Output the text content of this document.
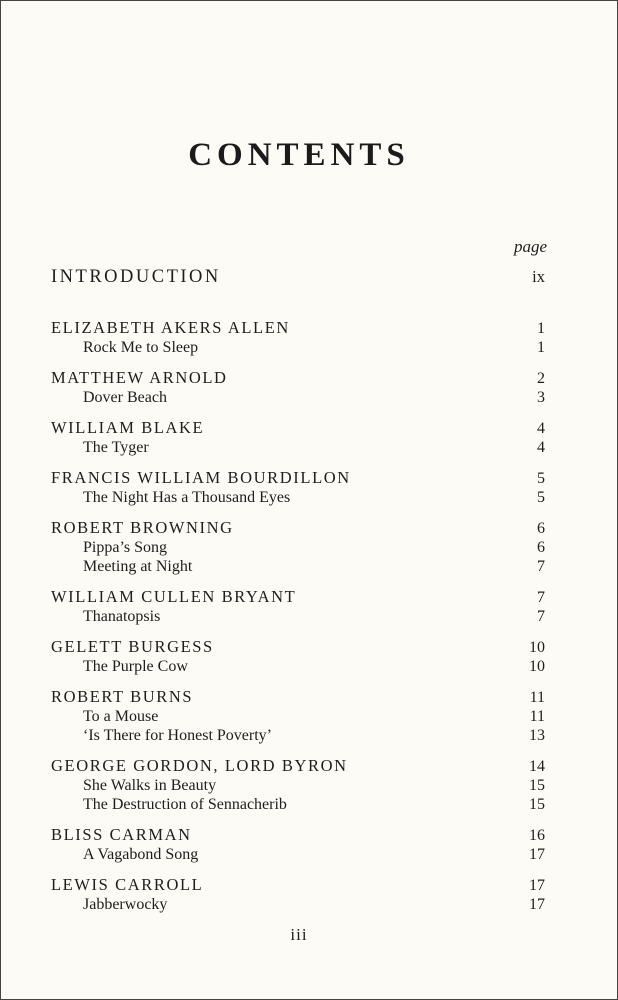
CONTENTS
page
INTRODUCTION	ix
ELIZABETH AKERS ALLEN	1
Rock Me to Sleep	1
MATTHEW ARNOLD	2
Dover Beach	3
WILLIAM BLAKE	4
The Tyger	4
FRANCIS WILLIAM BOURDILLON	5
The Night Has a Thousand Eyes	5
ROBERT BROWNING	6
Pippa’s Song	6
Meeting at Night	7
WILLIAM CULLEN BRYANT	7
Thanatopsis	7
GELETT BURGESS	10
The Purple Cow	10
ROBERT BURNS	11
To a Mouse	11
‘Is There for Honest Poverty’	13
GEORGE GORDON, LORD BYRON	14
She Walks in Beauty	15
The Destruction of Sennacherib	15
BLISS CARMAN	16
A Vagabond Song	17
LEWIS CARROLL	17
Jabberwocky	17
iii
